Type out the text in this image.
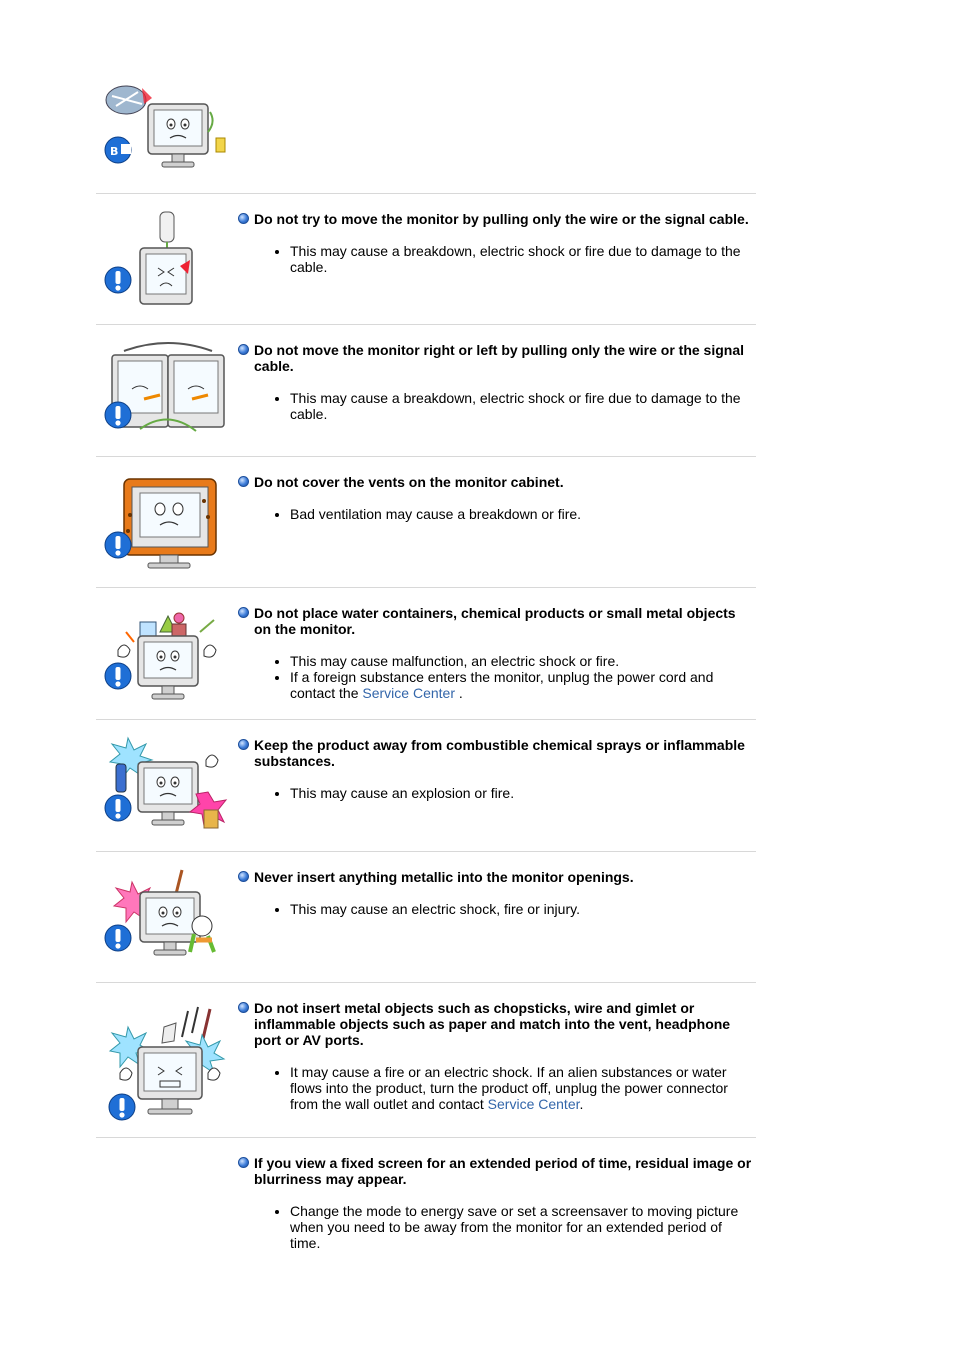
B
Do not try to move the monitor by pulling only the wire or the signal cable.
• This may cause a breakdown, electric shock or fire due to damage to the cable.
Do not move the monitor right or left by pulling only the wire or the signal cable.
• This may cause a breakdown, electric shock or fire due to damage to the cable.
Do not cover the vents on the monitor cabinet.
• Bad ventilation may cause a breakdown or fire.
Do not place water containers, chemical products or small metal objects on the monitor.
• This may cause malfunction, an electric shock or fire.
• If a foreign substance enters the monitor, unplug the power cord and contact the Service Center .
Keep the product away from combustible chemical sprays or inflammable substances.
• This may cause an explosion or fire.
Never insert anything metallic into the monitor openings.
• This may cause an electric shock, fire or injury.
Do not insert metal objects such as chopsticks, wire and gimlet or inflammable objects such as paper and match into the vent, headphone port or AV ports.
• It may cause a fire or an electric shock. If an alien substances or water flows into the product, turn the product off, unplug the power connector from the wall outlet and contact Service Center.
If you view a fixed screen for an extended period of time, residual image or blurriness may appear.
• Change the mode to energy save or set a screensaver to moving picture when you need to be away from the monitor for an extended period of time.
